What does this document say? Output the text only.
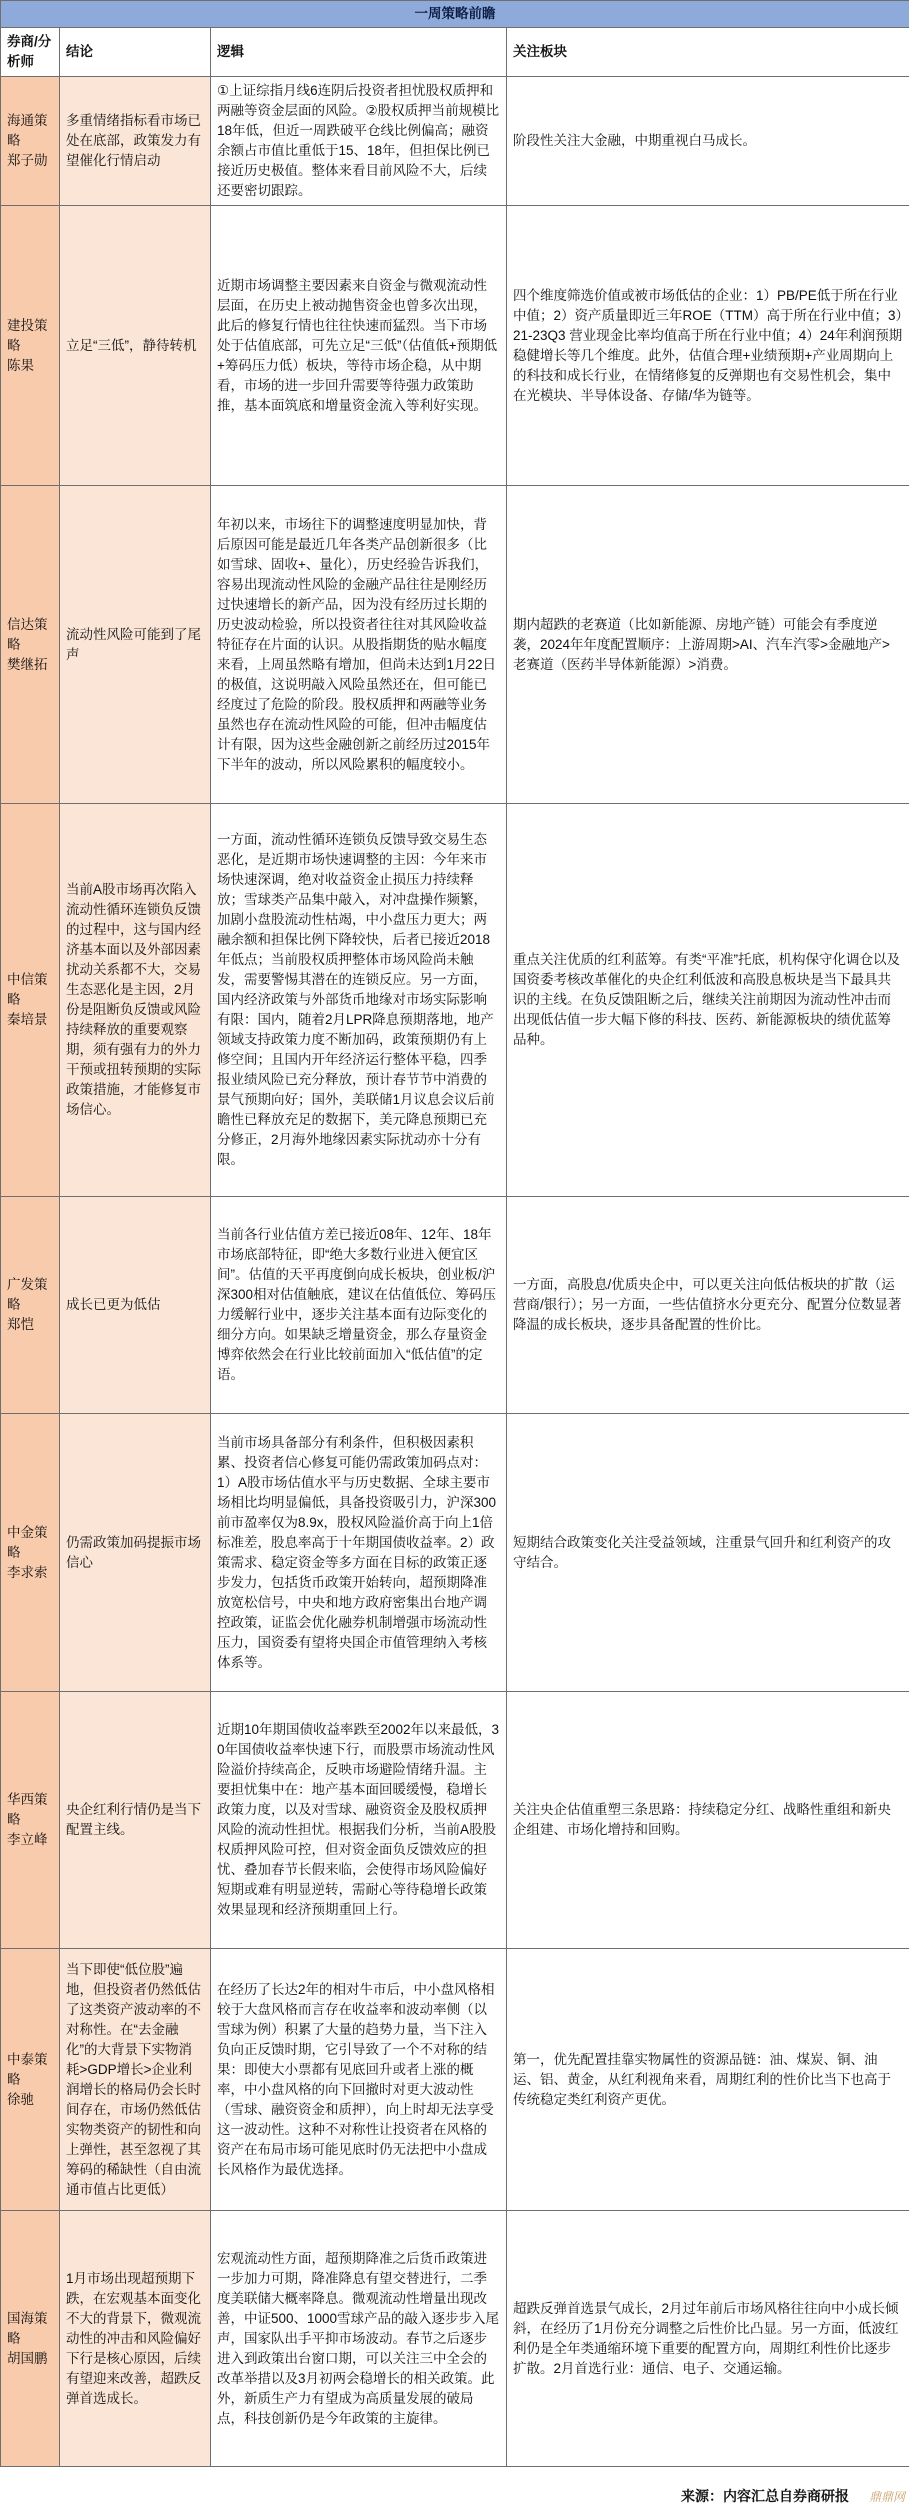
一周策略前瞻			
券商/分析师	结论	逻辑	关注板块

海通策略
郑子勋	多重情绪指标看市场已处在底部，政策发力有望催化行情启动	①上证综指月线6连阴后投资者担忧股权质押和两融等资金层面的风险。②股权质押当前规模比18年低，但近一周跌破平仓线比例偏高；融资余额占市值比重低于15、18年，但担保比例已接近历史极值。整体来看目前风险不大，后续还要密切跟踪。	阶段性关注大金融，中期重视白马成长。

建投策略
陈果	立足“三低”，静待转机	近期市场调整主要因素来自资金与微观流动性层面，在历史上被动抛售资金也曾多次出现，此后的修复行情也往往快速而猛烈。当下市场处于估值底部，可先立足“三低”（估值低+预期低+筹码压力低）板块，等待市场企稳，从中期看，市场的进一步回升需要等待强力政策助推，基本面筑底和增量资金流入等利好实现。	四个维度筛选价值或被市场低估的企业：1）PB/PE低于所在行业中值；2）资产质量即近三年ROE（TTM）高于所在行业中值；3）21-23Q3 营业现金比率均值高于所在行业中值；4）24年利润预期稳健增长等几个维度。此外，估值合理+业绩预期+产业周期向上的科技和成长行业，在情绪修复的反弹期也有交易性机会，集中在光模块、半导体设备、存储/华为链等。

信达策略
樊继拓	流动性风险可能到了尾声	年初以来，市场往下的调整速度明显加快，背后原因可能是最近几年各类产品创新很多（比如雪球、固收+、量化），历史经验告诉我们，容易出现流动性风险的金融产品往往是刚经历过快速增长的新产品，因为没有经历过长期的历史波动检验，所以投资者往往对其风险收益特征存在片面的认识。从股指期货的贴水幅度来看，上周虽然略有增加，但尚未达到1月22日的极值，这说明敲入风险虽然还在，但可能已经度过了危险的阶段。股权质押和两融等业务虽然也存在流动性风险的可能，但冲击幅度估计有限，因为这些金融创新之前经历过2015年下半年的波动，所以风险累积的幅度较小。	期内超跌的老赛道（比如新能源、房地产链）可能会有季度逆袭，2024年年度配置顺序：上游周期>AI、汽车汽零>金融地产>老赛道（医药半导体新能源）>消费。

中信策略
秦培景	当前A股市场再次陷入流动性循环连锁负反馈的过程中，这与国内经济基本面以及外部因素扰动关系都不大，交易生态恶化是主因，2月份是阻断负反馈或风险持续释放的重要观察期，须有强有力的外力干预或扭转预期的实际政策措施，才能修复市场信心。	一方面，流动性循环连锁负反馈导致交易生态恶化，是近期市场快速调整的主因：今年来市场快速深调，绝对收益资金止损压力持续释放；雪球类产品集中敲入，对冲盘操作频繁，加剧小盘股流动性枯竭，中小盘压力更大；两融余额和担保比例下降较快，后者已接近2018年低点；当前股权质押整体市场风险尚未触发，需要警惕其潜在的连锁反应。另一方面，国内经济政策与外部货币地缘对市场实际影响有限：国内，随着2月LPR降息预期落地，地产领域支持政策力度不断加码，政策预期仍有上修空间；且国内开年经济运行整体平稳，四季报业绩风险已充分释放，预计春节节中消费的景气预期向好；国外，美联储1月议息会议后前瞻性已释放充足的数据下，美元降息预期已充分修正，2月海外地缘因素实际扰动亦十分有限。	重点关注优质的红利蓝筹。有类“平准”托底，机构保守化调仓以及国资委考核改革催化的央企红利低波和高股息板块是当下最具共识的主线。在负反馈阻断之后，继续关注前期因为流动性冲击而出现低估值一步大幅下修的科技、医药、新能源板块的绩优蓝筹品种。

广发策略
郑恺	成长已更为低估	当前各行业估值方差已接近08年、12年、18年市场底部特征，即“绝大多数行业进入便宜区间”。估值的天平再度倒向成长板块，创业板/沪深300相对估值触底，建议在估值低位、筹码压力缓解行业中，逐步关注基本面有边际变化的细分方向。如果缺乏增量资金，那么存量资金博弈依然会在行业比较前面加入“低估值”的定语。	一方面，高股息/优质央企中，可以更关注向低估板块的扩散（运营商/银行）；另一方面，一些估值挤水分更充分、配置分位数显著降温的成长板块，逐步具备配置的性价比。

中金策略
李求索	仍需政策加码提振市场信心	当前市场具备部分有利条件，但积极因素积累、投资者信心修复可能仍需政策加码点对：1）A股市场估值水平与历史数据、全球主要市场相比均明显偏低，具备投资吸引力，沪深300前市盈率仅为8.9x，股权风险溢价高于向上1倍标准差，股息率高于十年期国债收益率。2）政策需求、稳定资金等多方面在目标的政策正逐步发力，包括货币政策开始转向，超预期降准放宽松信号，中央和地方政府密集出台地产调控政策，证监会优化融券机制增强市场流动性压力，国资委有望将央国企市值管理纳入考核体系等。	短期结合政策变化关注受益领域，注重景气回升和红利资产的攻守结合。

华西策略
李立峰	央企红利行情仍是当下配置主线。	近期10年期国债收益率跌至2002年以来最低，30年国债收益率快速下行，而股票市场流动性风险溢价持续高企，反映市场避险情绪升温。主要担忧集中在：地产基本面回暖缓慢，稳增长政策力度，以及对雪球、融资资金及股权质押风险的流动性担忧。根据我们分析，当前A股股权质押风险可控，但对资金面负反馈效应的担忧、叠加春节长假来临，会使得市场风险偏好短期或难有明显逆转，需耐心等待稳增长政策效果显现和经济预期重回上行。	关注央企估值重塑三条思路：持续稳定分红、战略性重组和新央企组建、市场化增持和回购。

中泰策略
徐驰	当下即使“低位股”遍地，但投资者仍然低估了这类资产波动率的不对称性。在“去金融化”的大背景下实物消耗>GDP增长>企业利润增长的格局仍会长时间存在，市场仍然低估实物类资产的韧性和向上弹性，甚至忽视了其筹码的稀缺性（自由流通市值占比更低）	在经历了长达2年的相对牛市后，中小盘风格相较于大盘风格而言存在收益率和波动率侧（以雪球为例）积累了大量的趋势力量，当下注入负向正反馈时期，它引导致了一个不对称的结果：即使大小票都有见底回升或者上涨的概率，中小盘风格的向下回撤时对更大波动性（雪球、融资资金和质押），向上时却无法享受这一波动性。这种不对称性让投资者在风格的资产在布局市场可能见底时仍无法把中小盘成长风格作为最优选择。	第一，优先配置挂靠实物属性的资源品链：油、煤炭、铜、油运、铝、黄金，从红利视角来看，周期红利的性价比当下也高于传统稳定类红利资产更优。

国海策略
胡国鹏	1月市场出现超预期下跌，在宏观基本面变化不大的背景下，微观流动性的冲击和风险偏好下行是核心原因，后续有望迎来改善，超跌反弹首选成长。	宏观流动性方面，超预期降准之后货币政策进一步加力可期，降准降息有望交替进行，二季度美联储大概率降息。微观流动性增量出现改善，中证500、1000雪球产品的敲入逐步步入尾声，国家队出手平抑市场波动。春节之后逐步进入到政策出台窗口期，可以关注三中全会的改革举措以及3月初两会稳增长的相关政策。此外，新质生产力有望成为高质量发展的破局点，科技创新仍是今年政策的主旋律。	超跌反弹首选景气成长，2月过年前后市场风格往往向中小成长倾斜，在经历了1月份充分调整之后性价比凸显。另一方面，低波红利仍是全年类通缩环境下重要的配置方向，周期红利性价比逐步扩散。2月首选行业：通信、电子、交通运输。
来源：内容汇总自券商研报 鼎鼎网
